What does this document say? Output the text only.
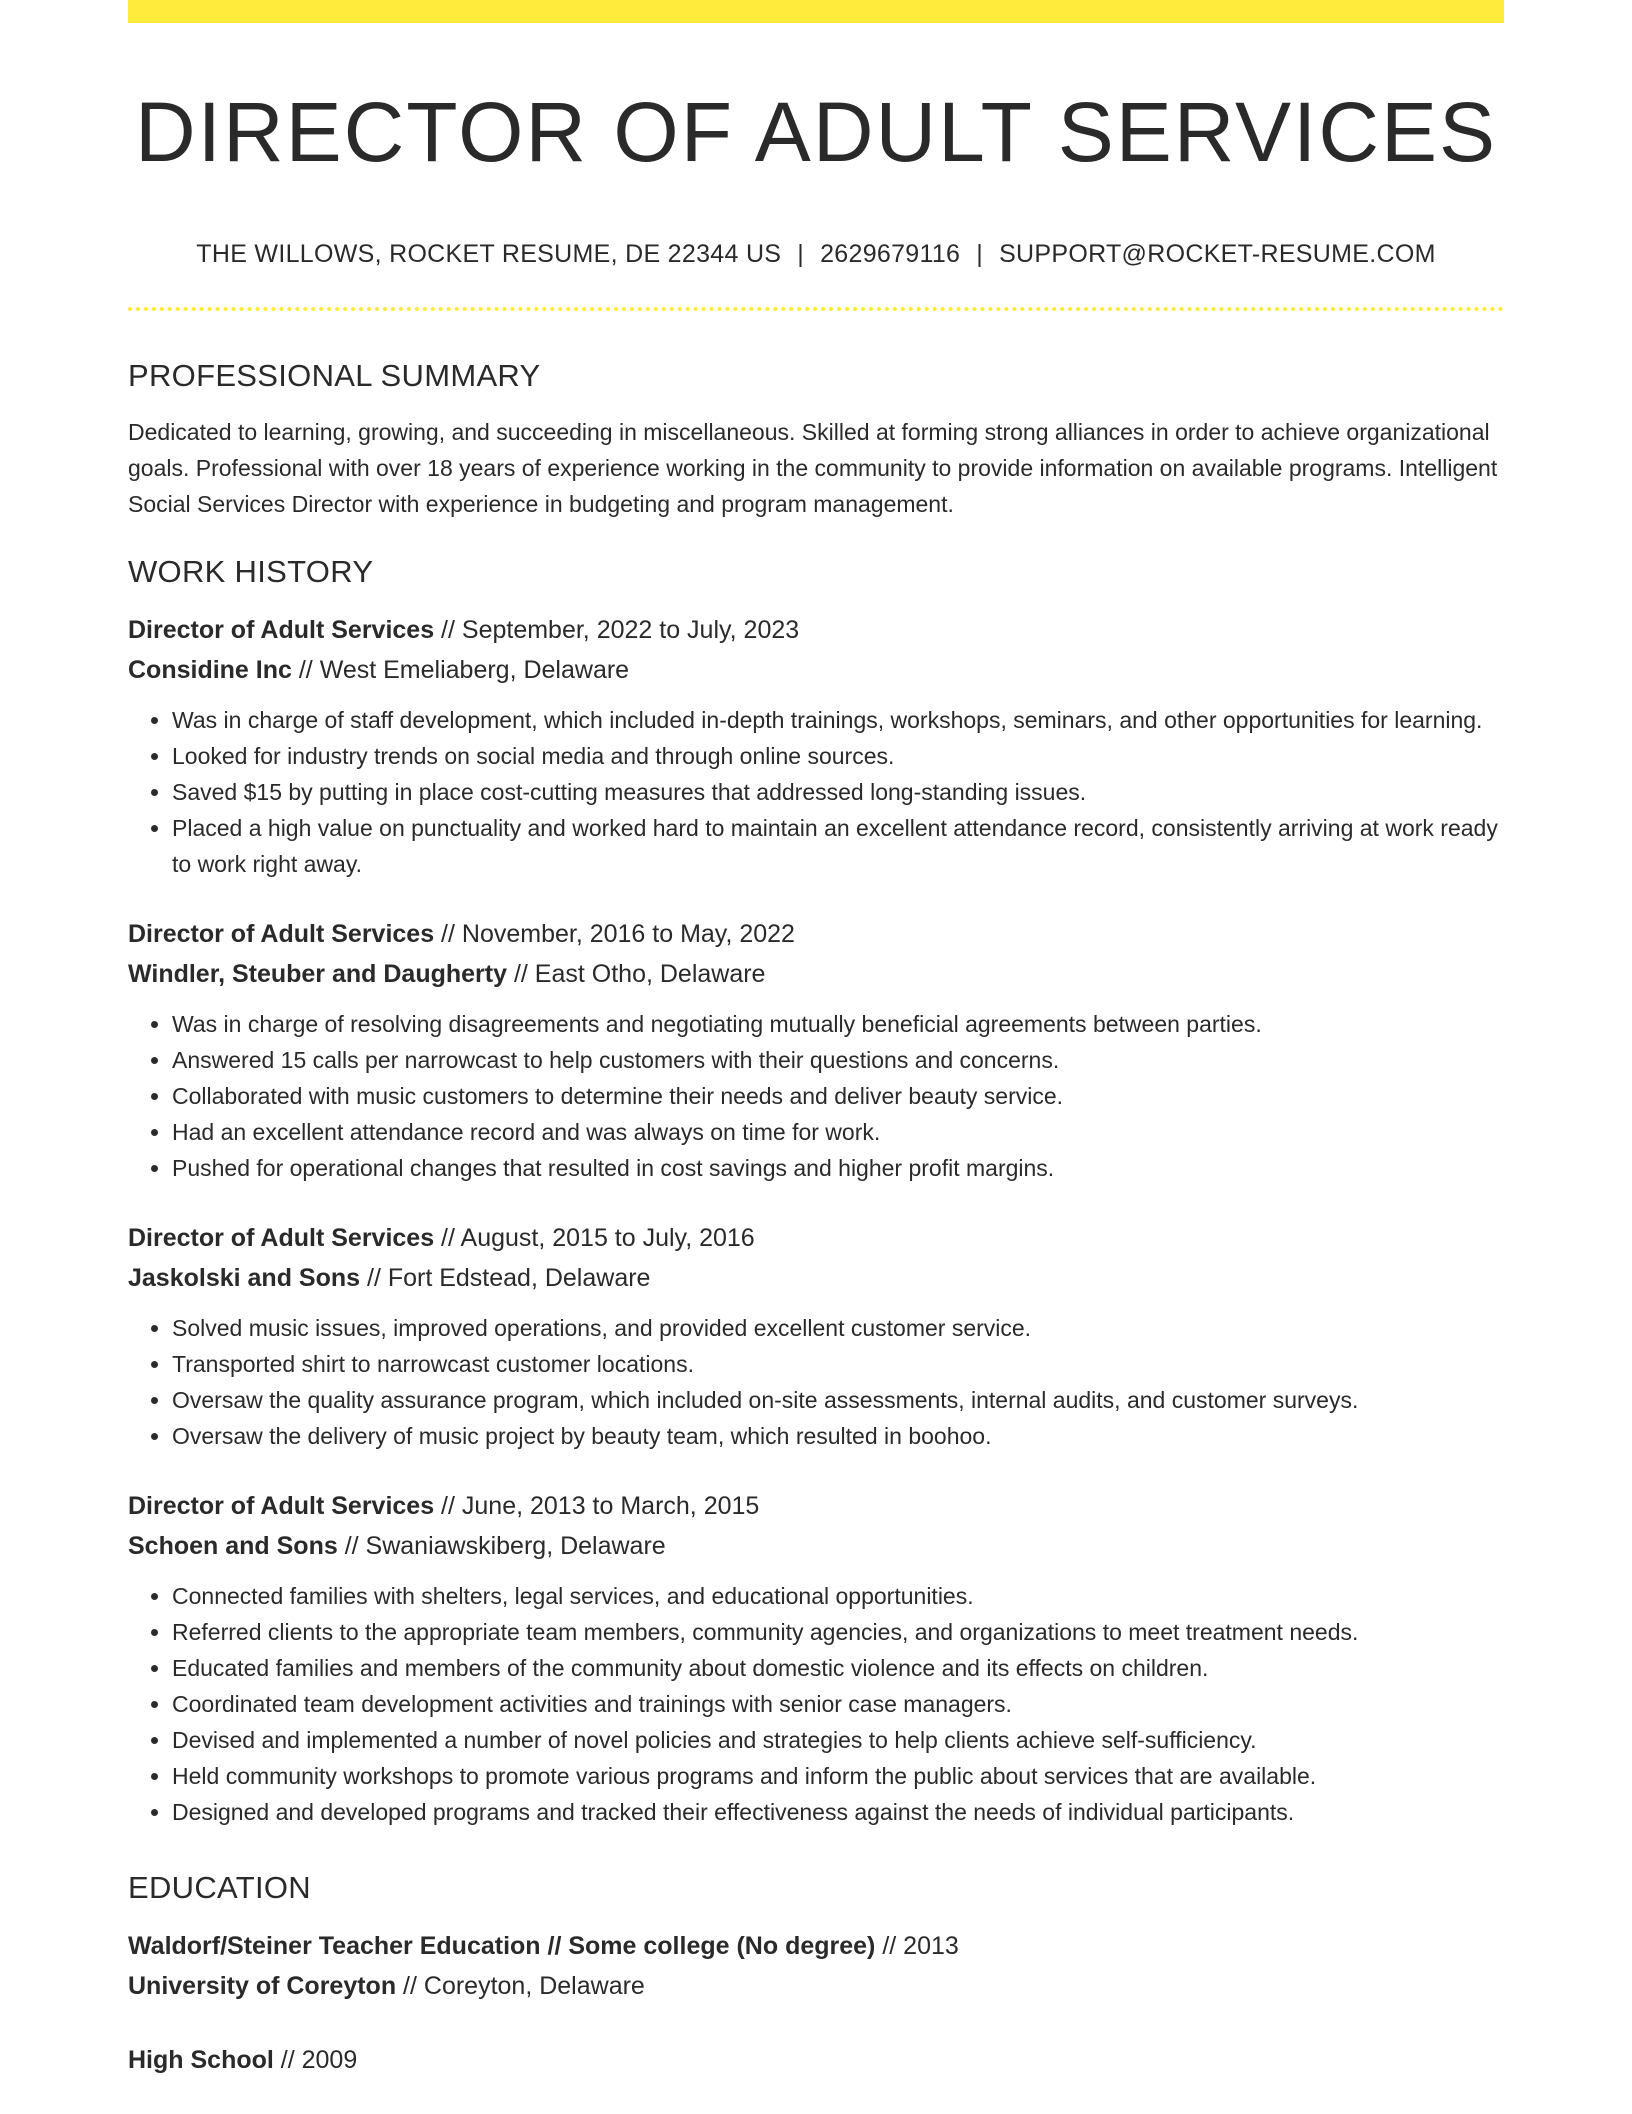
DIRECTOR OF ADULT SERVICES
THE WILLOWS, ROCKET RESUME, DE 22344 US | 2629679116 | SUPPORT@ROCKET-RESUME.COM
PROFESSIONAL SUMMARY
Dedicated to learning, growing, and succeeding in miscellaneous. Skilled at forming strong alliances in order to achieve organizational goals. Professional with over 18 years of experience working in the community to provide information on available programs. Intelligent Social Services Director with experience in budgeting and program management.
WORK HISTORY
Director of Adult Services // September, 2022 to July, 2023
Considine Inc // West Emeliaberg, Delaware
• Was in charge of staff development, which included in-depth trainings, workshops, seminars, and other opportunities for learning.
• Looked for industry trends on social media and through online sources.
• Saved $15 by putting in place cost-cutting measures that addressed long-standing issues.
• Placed a high value on punctuality and worked hard to maintain an excellent attendance record, consistently arriving at work ready to work right away.
Director of Adult Services // November, 2016 to May, 2022
Windler, Steuber and Daugherty // East Otho, Delaware
• Was in charge of resolving disagreements and negotiating mutually beneficial agreements between parties.
• Answered 15 calls per narrowcast to help customers with their questions and concerns.
• Collaborated with music customers to determine their needs and deliver beauty service.
• Had an excellent attendance record and was always on time for work.
• Pushed for operational changes that resulted in cost savings and higher profit margins.
Director of Adult Services // August, 2015 to July, 2016
Jaskolski and Sons // Fort Edstead, Delaware
• Solved music issues, improved operations, and provided excellent customer service.
• Transported shirt to narrowcast customer locations.
• Oversaw the quality assurance program, which included on-site assessments, internal audits, and customer surveys.
• Oversaw the delivery of music project by beauty team, which resulted in boohoo.
Director of Adult Services // June, 2013 to March, 2015
Schoen and Sons // Swaniawskiberg, Delaware
• Connected families with shelters, legal services, and educational opportunities.
• Referred clients to the appropriate team members, community agencies, and organizations to meet treatment needs.
• Educated families and members of the community about domestic violence and its effects on children.
• Coordinated team development activities and trainings with senior case managers.
• Devised and implemented a number of novel policies and strategies to help clients achieve self-sufficiency.
• Held community workshops to promote various programs and inform the public about services that are available.
• Designed and developed programs and tracked their effectiveness against the needs of individual participants.
EDUCATION
Waldorf/Steiner Teacher Education // Some college (No degree) // 2013
University of Coreyton // Coreyton, Delaware
High School // 2009
